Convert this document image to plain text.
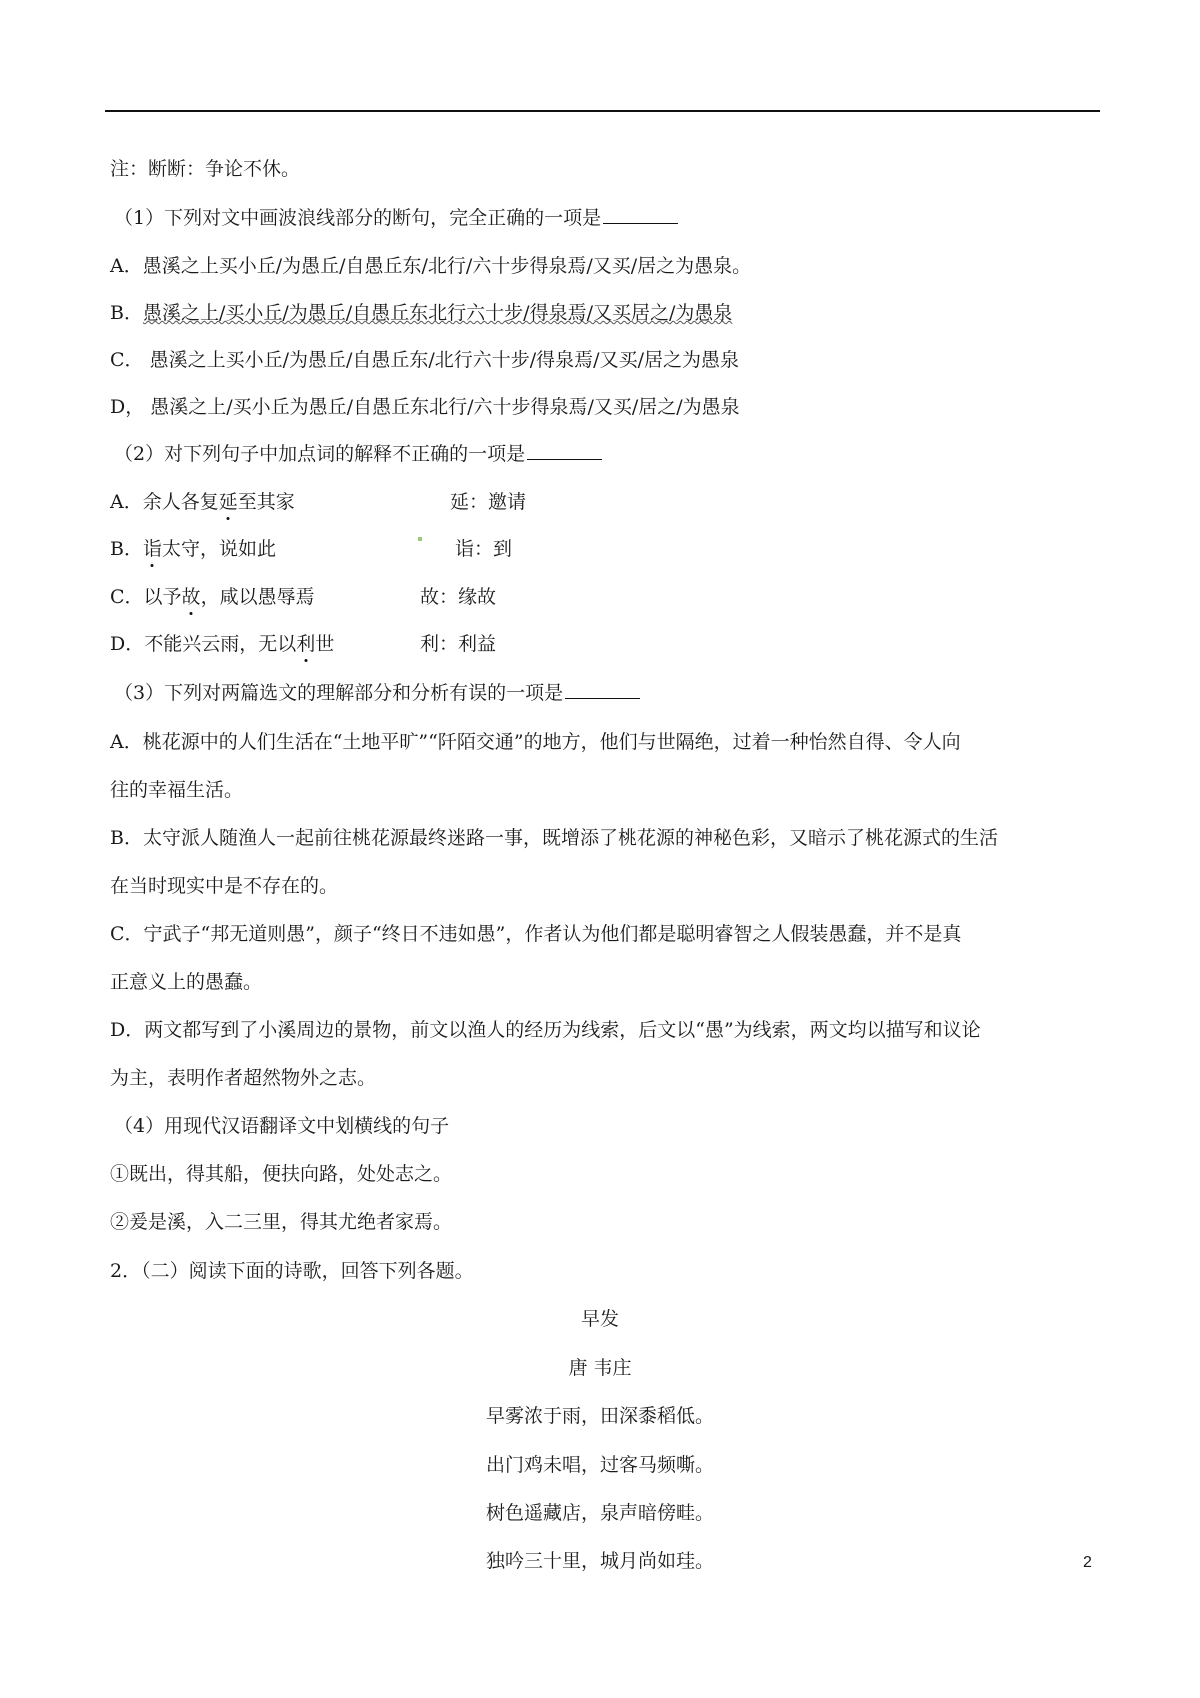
注：断断：争论不休。
（1）下列对文中画波浪线部分的断句，完全正确的一项是
A．愚溪之上买小丘/为愚丘/自愚丘东/北行/六十步得泉焉/又买/居之为愚泉。
B．愚溪之上/买小丘/为愚丘/自愚丘东北行六十步/得泉焉/又买居之/为愚泉
C． 愚溪之上买小丘/为愚丘/自愚丘东/北行六十步/得泉焉/又买/居之为愚泉
D， 愚溪之上/买小丘为愚丘/自愚丘东北行/六十步得泉焉/又买/居之/为愚泉
（2）对下列句子中加点词的解释不正确的一项是
A．余人各复延至其家	延：邀请
B．诣太守，说如此	诣：到
C．以予故，咸以愚辱焉	故：缘故
D．不能兴云雨，无以利世	利：利益
（3）下列对两篇选文的理解部分和分析有误的一项是
A．桃花源中的人们生活在“土地平旷”“阡陌交通”的地方，他们与世隔绝，过着一种怡然自得、令人向
往的幸福生活。
B．太守派人随渔人一起前往桃花源最终迷路一事，既增添了桃花源的神秘色彩，又暗示了桃花源式的生活
在当时现实中是不存在的。
C．宁武子“邦无道则愚”，颜子“终日不违如愚”，作者认为他们都是聪明睿智之人假装愚蠢，并不是真
正意义上的愚蠢。
D．两文都写到了小溪周边的景物，前文以渔人的经历为线索，后文以“愚”为线索，两文均以描写和议论
为主，表明作者超然物外之志。
（4）用现代汉语翻译文中划横线的句子
①既出，得其船，便扶向路，处处志之。
②爰是溪，入二三里，得其尤绝者家焉。
2．（二）阅读下面的诗歌，回答下列各题。
早发
唐 韦庄
早雾浓于雨，田深黍稻低。
出门鸡未唱，过客马频嘶。
树色遥藏店，泉声暗傍畦。
独吟三十里，城月尚如珪。	2
